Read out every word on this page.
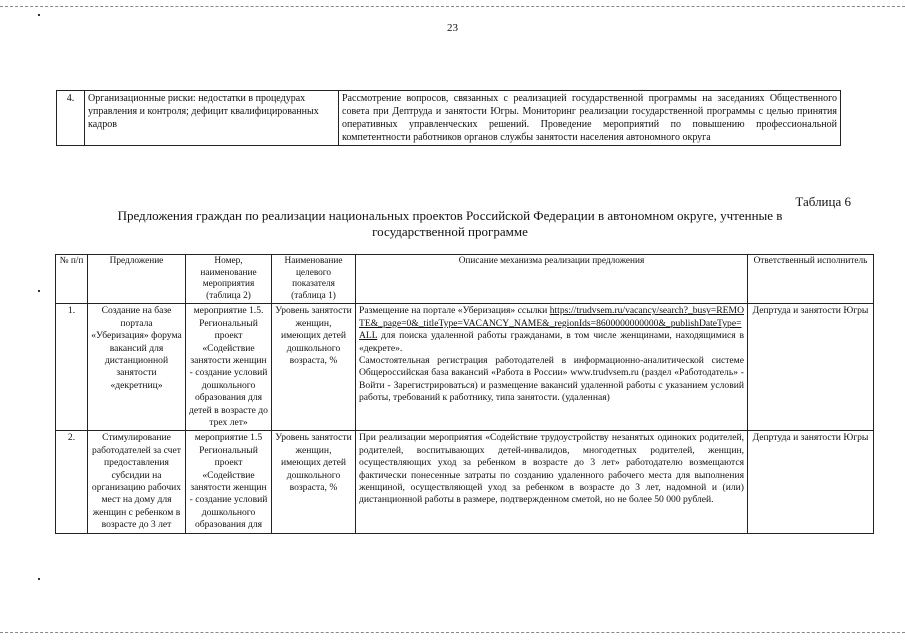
23
4.	Организационные риски: недостатки в процедурах управления и контроля; дефицит квалифицированных кадров	Рассмотрение вопросов, связанных с реализацией государственной программы на заседаниях Общественного совета при Дептруда и занятости Югры. Мониторинг реализации государственной программы с целью принятия оперативных управленческих решений. Проведение мероприятий по повышению профессиональной компетентности работников органов службы занятости населения автономного округа
Таблица 6
Предложения граждан по реализации национальных проектов Российской Федерации в автономном округе, учтенные в государственной программе
№ п/п	Предложение	Номер, наименование мероприятия (таблица 2)	Наименование целевого показателя (таблица 1)	Описание механизма реализации предложения	Ответственный исполнитель
1.	Создание на базе портала «Уберизация» форума вакансий для дистанционной занятости «декретниц»	мероприятие 1.5. Региональный проект «Содействие занятости женщин - создание условий дошкольного образования для детей в возрасте до трех лет»	Уровень занятости женщин, имеющих детей дошкольного возраста, %	Размещение на портале «Уберизация» ссылки https://trudvsem.ru/vacancy/search?_busy=REMOTE&_page=0&_titleType=VACANCY_NAME&_regionIds=8600000000000&_publishDateType=ALL для поиска удаленной работы гражданами, в том числе женщинами, находящимися в «декрете».

Самостоятельная регистрация работодателей в информационно-аналитической системе Общероссийская база вакансий «Работа в России» www.trudvsem.ru (раздел «Работодатель» - Войти - Зарегистрироваться) и размещение вакансий удаленной работы с указанием условий работы, требований к работнику, типа занятости. (удаленная)	Депртуда и занятости Югры
2.	Стимулирование работодателей за счет предоставления субсидии на организацию рабочих мест на дому для женщин с ребенком в возрасте до 3 лет	мероприятие 1.5 Региональный проект «Содействие занятости женщин - создание условий дошкольного образования для	Уровень занятости женщин, имеющих детей дошкольного возраста, %	При реализации мероприятия «Содействие трудоустройству незанятых одиноких родителей, родителей, воспитывающих детей-инвалидов, многодетных родителей, женщин, осуществляющих уход за ребенком в возрасте до 3 лет» работодателю возмещаются фактически понесенные затраты по созданию удаленного рабочего места для выполнения женщиной, осуществляющей уход за ребенком в возрасте до 3 лет, надомной и (или) дистанционной работы в размере, подтвержденном сметой, но не более 50 000 рублей.	Депртуда и занятости Югры
